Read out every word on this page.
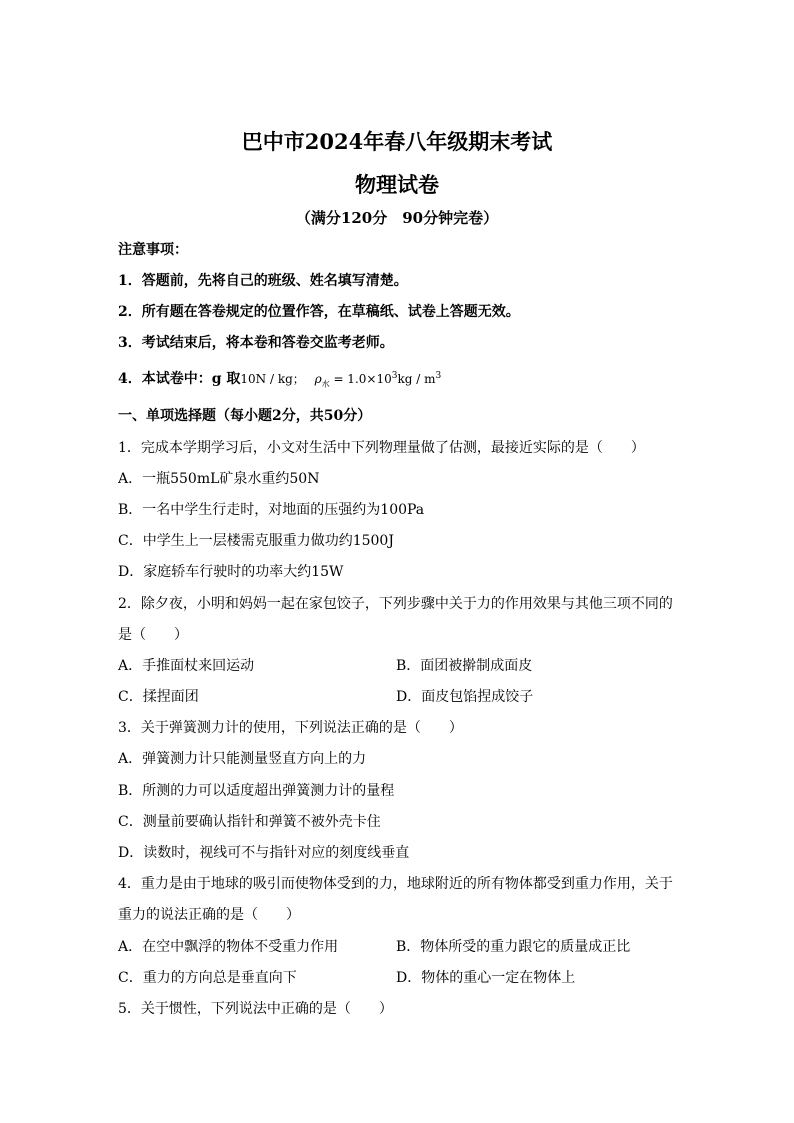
巴中市2024年春八年级期末考试
物理试卷
（满分120分　90分钟完卷）
注意事项：
1．答题前，先将自己的班级、姓名填写清楚。
2．所有题在答卷规定的位置作答，在草稿纸、试卷上答题无效。
3．考试结束后，将本卷和答卷交监考老师。
4．本试卷中：g 取10N / kg； $\rho_水 = 1.0\times 10^3kg / m^3$
一、单项选择题（每小题2分，共50分）
1．完成本学期学习后，小文对生活中下列物理量做了估测，最接近实际的是（　　）
A．一瓶550mL矿泉水重约50N
B．一名中学生行走时，对地面的压强约为100Pa
C．中学生上一层楼需克服重力做功约1500J
D．家庭轿车行驶时的功率大约15W
2．除夕夜，小明和妈妈一起在家包饺子，下列步骤中关于力的作用效果与其他三项不同的
是（　　）
A．手推面杖来回运动	B．面团被擀制成面皮
C．揉捏面团	D．面皮包馅捏成饺子
3．关于弹簧测力计的使用，下列说法正确的是（　　）
A．弹簧测力计只能测量竖直方向上的力
B．所测的力可以适度超出弹簧测力计的量程
C．测量前要确认指针和弹簧不被外壳卡住
D．读数时，视线可不与指针对应的刻度线垂直
4．重力是由于地球的吸引而使物体受到的力，地球附近的所有物体都受到重力作用，关于
重力的说法正确的是（　　）
A．在空中飘浮的物体不受重力作用	B．物体所受的重力跟它的质量成正比
C．重力的方向总是垂直向下	D．物体的重心一定在物体上
5．关于惯性，下列说法中正确的是（　　）
